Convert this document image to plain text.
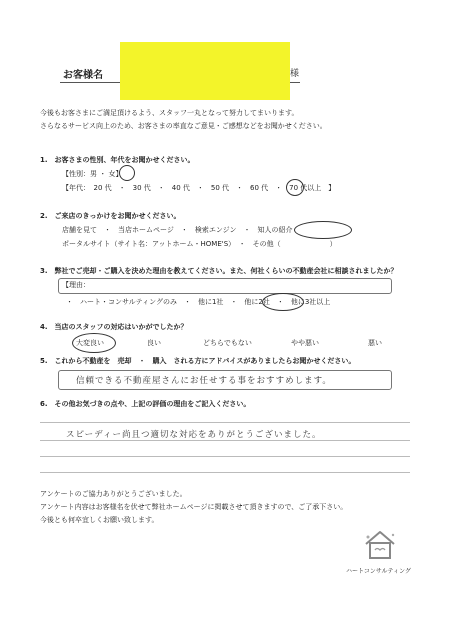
お客様名	様
今後もお客さまにご満足頂けるよう、スタッフ一丸となって努力してまいります。
さらなるサービス向上のため、お客さまの率直なご意見・ご感想などをお聞かせください。
1.　お客さまの性別、年代をお聞かせください。
【性別：男 ・ 女】
【年代：　20 代　・　30 代　・　40 代　・　50 代　・　60 代　・　70 代以上　】
2.　ご来店のきっかけをお聞かせください。
店舗を見て　・　当店ホームページ　・　検索エンジン　・　知人の紹介
ポータルサイト（サイト名：アットホーム・HOME'S）　・　その他（　　　　　　　）
3.　弊社でご売却・ご購入を決めた理由を教えてください。また、何社くらいの不動産会社に相談されましたか？
【理由：
・　ハート・コンサルティングのみ　・　他に1社　・　他に2社　・　他に3社以上
4.　当店のスタッフの対応はいかがでしたか？
大変良い	良い	どちらでもない	やや悪い	悪い
5.　これから不動産を　売却　・　購入　される方にアドバイスがありましたらお聞かせください。
信頼できる不動産屋さんにお任せする事をおすすめします。
6.　その他お気づきの点や、上記の評価の理由をご記入ください。
スピーディー尚且つ適切な対応をありがとうございました。
アンケートのご協力ありがとうございました。
アンケート内容はお客様名を伏せて弊社ホームページに掲載させて頂きますので、ご了承下さい。
今後とも何卒宜しくお願い致します。
ハートコンサルティング
